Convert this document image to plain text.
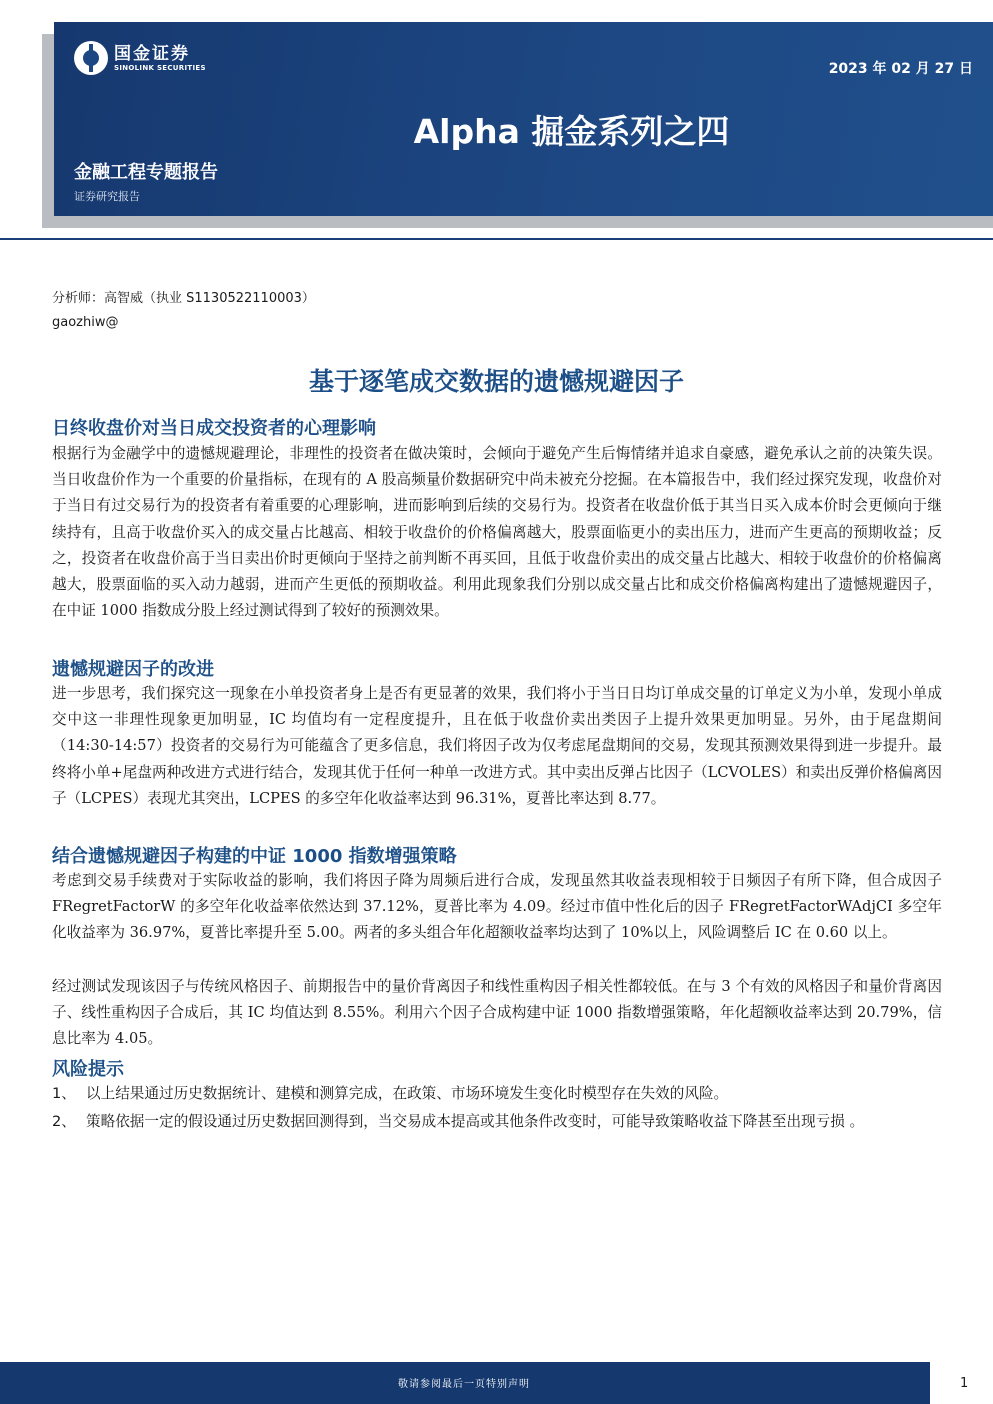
国金证券
SINOLINK SECURITIES	2023 年 02 月 27 日
Alpha 掘金系列之四
金融工程专题报告
证券研究报告
分析师：高智威（执业 S1130522110003）
gaozhiw@
基于逐笔成交数据的遗憾规避因子
日终收盘价对当日成交投资者的心理影响

根据行为金融学中的遗憾规避理论，非理性的投资者在做决策时，会倾向于避免产生后悔情绪并追求自豪感，避免承认之前的决策失误。当日收盘价作为一个重要的价量指标，在现有的 A 股高频量价数据研究中尚未被充分挖掘。在本篇报告中，我们经过探究发现，收盘价对于当日有过交易行为的投资者有着重要的心理影响，进而影响到后续的交易行为。投资者在收盘价低于其当日买入成本价时会更倾向于继续持有，且高于收盘价买入的成交量占比越高、相较于收盘价的价格偏离越大，股票面临更小的卖出压力，进而产生更高的预期收益；反之，投资者在收盘价高于当日卖出价时更倾向于坚持之前判断不再买回，且低于收盘价卖出的成交量占比越大、相较于收盘价的价格偏离越大，股票面临的买入动力越弱，进而产生更低的预期收益。利用此现象我们分别以成交量占比和成交价格偏离构建出了遗憾规避因子，在中证 1000 指数成分股上经过测试得到了较好的预测效果。

遗憾规避因子的改进

进一步思考，我们探究这一现象在小单投资者身上是否有更显著的效果，我们将小于当日日均订单成交量的订单定义为小单，发现小单成交中这一非理性现象更加明显，IC 均值均有一定程度提升，且在低于收盘价卖出类因子上提升效果更加明显。另外，由于尾盘期间（14:30-14:57）投资者的交易行为可能蕴含了更多信息，我们将因子改为仅考虑尾盘期间的交易，发现其预测效果得到进一步提升。最终将小单+尾盘两种改进方式进行结合，发现其优于任何一种单一改进方式。其中卖出反弹占比因子（LCVOLES）和卖出反弹价格偏离因子（LCPES）表现尤其突出，LCPES 的多空年化收益率达到 96.31%，夏普比率达到 8.77。

结合遗憾规避因子构建的中证 1000 指数增强策略

考虑到交易手续费对于实际收益的影响，我们将因子降为周频后进行合成，发现虽然其收益表现相较于日频因子有所下降，但合成因子 FRegretFactorW 的多空年化收益率依然达到 37.12%，夏普比率为 4.09。经过市值中性化后的因子 FRegretFactorWAdjCI 多空年化收益率为 36.97%，夏普比率提升至 5.00。两者的多头组合年化超额收益率均达到了 10%以上，风险调整后 IC 在 0.60 以上。

经过测试发现该因子与传统风格因子、前期报告中的量价背离因子和线性重构因子相关性都较低。在与 3 个有效的风格因子和量价背离因子、线性重构因子合成后，其 IC 均值达到 8.55%。利用六个因子合成构建中证 1000 指数增强策略，年化超额收益率达到 20.79%，信息比率为 4.05。

风险提示
1、 以上结果通过历史数据统计、建模和测算完成，在政策、市场环境发生变化时模型存在失效的风险。
2、 策略依据一定的假设通过历史数据回测得到，当交易成本提高或其他条件改变时，可能导致策略收益下降甚至出现亏损 。
敬请参阅最后一页特别声明	1
